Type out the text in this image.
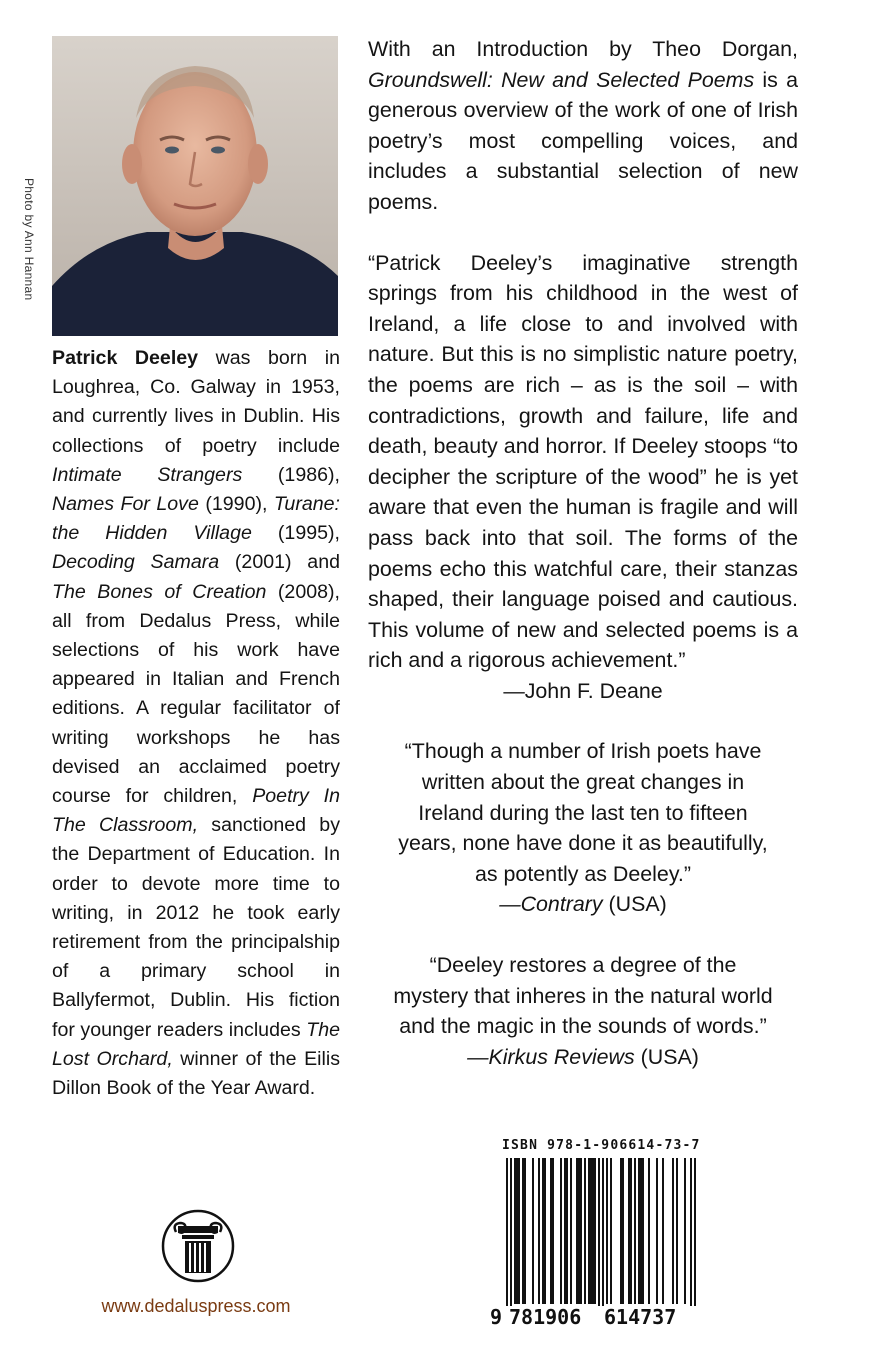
Photo by Ann Hannan
Patrick Deeley was born in Loughrea, Co. Galway in 1953, and currently lives in Dublin. His collections of poetry include Intimate Strangers (1986), Names For Love (1990), Turane: the Hidden Village (1995), Decoding Samara (2001) and The Bones of Creation (2008), all from Dedalus Press, while selections of his work have appeared in Italian and French editions. A regular facilitator of writing workshops he has devised an acclaimed poetry course for children, Poetry In The Classroom, sanctioned by the Department of Education. In order to devote more time to writing, in 2012 he took early retirement from the principalship of a primary school in Ballyfermot, Dublin. His fiction for younger readers includes The Lost Orchard, winner of the Eilis Dillon Book of the Year Award.

With an Introduction by Theo Dorgan, Groundswell: New and Selected Poems is a generous overview of the work of one of Irish poetry’s most compelling voices, and includes a substantial selection of new poems.

“Patrick Deeley’s imaginative strength springs from his childhood in the west of Ireland, a life close to and involved with nature. But this is no simplistic nature poetry, the poems are rich – as is the soil – with contradictions, growth and failure, life and death, beauty and horror. If Deeley stoops “to decipher the scripture of the wood” he is yet aware that even the human is fragile and will pass back into that soil. The forms of the poems echo this watchful care, their stanzas shaped, their language poised and cautious. This volume of new and selected poems is a rich and a rigorous achievement.”

—John F. Deane

“Though a number of Irish poets have

written about the great changes in

Ireland during the last ten to fifteen

years, none have done it as beautifully,

as potently as Deeley.”

—Contrary (USA)

“Deeley restores a degree of the

mystery that inheres in the natural world

and the magic in the sounds of words.”

—Kirkus Reviews (USA)

www.dedaluspress.com
ISBN 978-1-906614-73-7
9 781906 614737
